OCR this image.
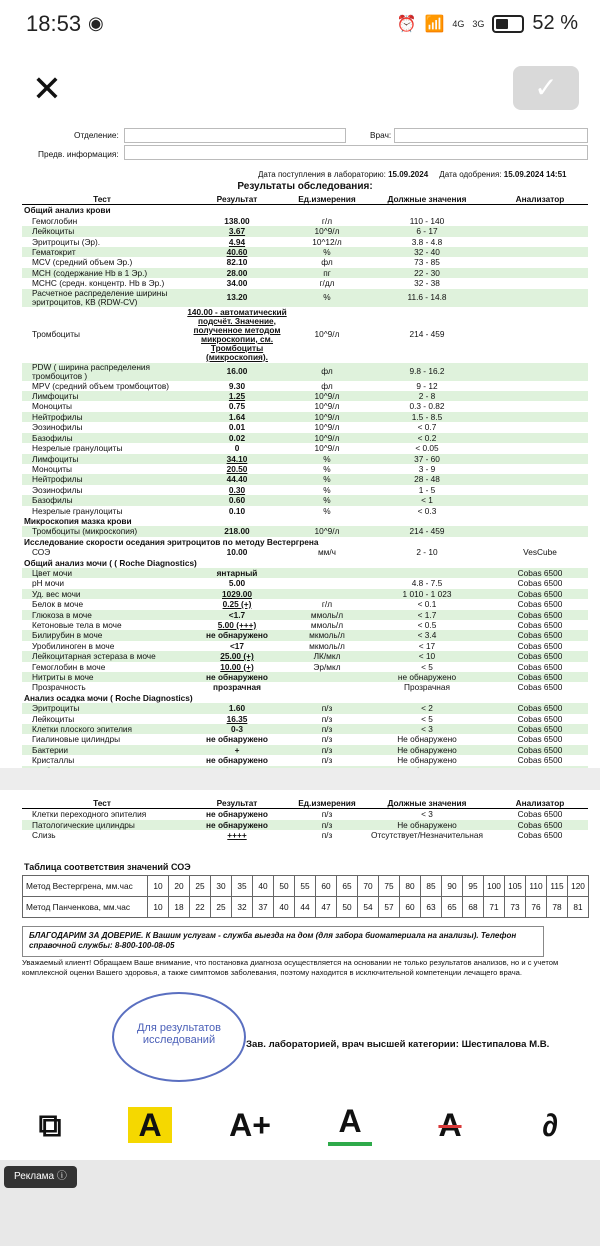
18:53 ◉	⏰ 📶 4G 3G 52 %
✕	✓
Отделение:	Врач:
Предв. информация:
Дата поступления в лабораторию: 15.09.2024 Дата одобрения: 15.09.2024 14:51
Результаты обследования:
Тест	Результат	Ед.измерения	Должные значения	Анализатор
Общий анализ крови				
Гемоглобин	138.00	г/л	110 - 140	
Лейкоциты	3.67	10^9/л	6 - 17	
Эритроциты (Эр).	4.94	10^12/л	3.8 - 4.8	
Гематокрит	40.60	%	32 - 40	
MCV (средний объем Эр.)	82.10	фл	73 - 85	
MCH (содержание Hb в 1 Эр.)	28.00	пг	22 - 30	
MCHC (средн. концентр. Hb в Эр.)	34.00	г/дл	32 - 38	

Расчетное распределение ширины
эритроцитов, КВ (RDW-CV)	13.20	%	11.6 - 14.8	
Тромбоциты	140.00 - автоматический подсчёт. Значение, полученное методом микроскопии, см. Тромбоциты (микроскопия).	10^9/л	214 - 459	

PDW ( ширина распределения
тромбоцитов )	16.00	фл	9.8 - 16.2	
MPV (средний объем тромбоцитов)	9.30	фл	9 - 12	
Лимфоциты	1.25	10^9/л	2 - 8	
Моноциты	0.75	10^9/л	0.3 - 0.82	
Нейтрофилы	1.64	10^9/л	1.5 - 8.5	
Эозинофилы	0.01	10^9/л	< 0.7	
Базофилы	0.02	10^9/л	< 0.2	
Незрелые гранулоциты	0	10^9/л	< 0.05	
Лимфоциты	34.10	%	37 - 60	
Моноциты	20.50	%	3 - 9	
Нейтрофилы	44.40	%	28 - 48	
Эозинофилы	0.30	%	1 - 5	
Базофилы	0.60	%	< 1	
Незрелые гранулоциты	0.10	%	< 0.3	
Микроскопия мазка крови				
Тромбоциты (микроскопия)	218.00	10^9/л	214 - 459	
Исследование скорости оседания эритроцитов по методу Вестергрена				
СОЭ	10.00	мм/ч	2 - 10	VesCube
Общий анализ мочи ( ( Roche Diagnostics)				
Цвет мочи	янтарный			Cobas 6500
pH мочи	5.00		4.8 - 7.5	Cobas 6500
Уд. вес мочи	1029.00		1 010 - 1 023	Cobas 6500
Белок в моче	0.25 (+)	г/л	< 0.1	Cobas 6500
Глюкоза в моче	<1.7	ммоль/л	< 1.7	Cobas 6500
Кетоновые тела в моче	5.00 (+++)	ммоль/л	< 0.5	Cobas 6500
Билирубин в моче	не обнаружено	мкмоль/л	< 3.4	Cobas 6500
Уробилиноген в моче	<17	мкмоль/л	< 17	Cobas 6500
Лейкоцитарная эстераза в моче	25.00 (+)	ЛК/мкл	< 10	Cobas 6500
Гемоглобин в моче	10.00 (+)	Эр/мкл	< 5	Cobas 6500
Нитриты в моче	не обнаружено		не обнаружено	Cobas 6500
Прозрачность	прозрачная		Прозрачная	Cobas 6500
Анализ осадка мочи ( Roche Diagnostics)				
Эритроциты	1.60	п/з	< 2	Cobas 6500
Лейкоциты	16.35	п/з	< 5	Cobas 6500
Клетки плоского эпителия	0-3	п/з	< 3	Cobas 6500
Гиалиновые цилиндры	не обнаружено	п/з	Не обнаружено	Cobas 6500
Бактерии	+	п/з	Не обнаружено	Cobas 6500
Кристаллы	не обнаружено	п/з	Не обнаружено	Cobas 6500

Тест	Результат	Ед.измерения	Должные значения	Анализатор
Клетки переходного эпителия	не обнаружено	п/з	< 3	Cobas 6500
Патологические цилиндры	не обнаружено	п/з	Не обнаружено	Cobas 6500
Слизь	++++	п/з	Отсутствует/Незначительная	Cobas 6500
Таблица соответствия значений СОЭ
Метод Вестергрена, мм.час	10	20	25	30	35	40	50	55	60	65	70	75	80	85	90	95	100	105	110	115	120
Метод Панченкова, мм.час	10	18	22	25	32	37	40	44	47	50	54	57	60	63	65	68	71	73	76	78	81
БЛАГОДАРИМ ЗА ДОВЕРИЕ. К Вашим услугам - служба выезда на дом (для забора биоматериала на анализы). Телефон справочной службы: 8-800-100-08-05
Уважаемый клиент! Обращаем Ваше внимание, что постановка диагноза осуществляется на основании не только результатов анализов, но и с учетом комплексной оценки Вашего здоровья, а также симптомов заболевания, поэтому находится в исключительной компетенции лечащего врача.
Зав. лабораторией, врач высшей категории: Шестипалова М.В.
Для результатов исследований
⧉	A	A+	A	A	∂
Реклама ⓘ
